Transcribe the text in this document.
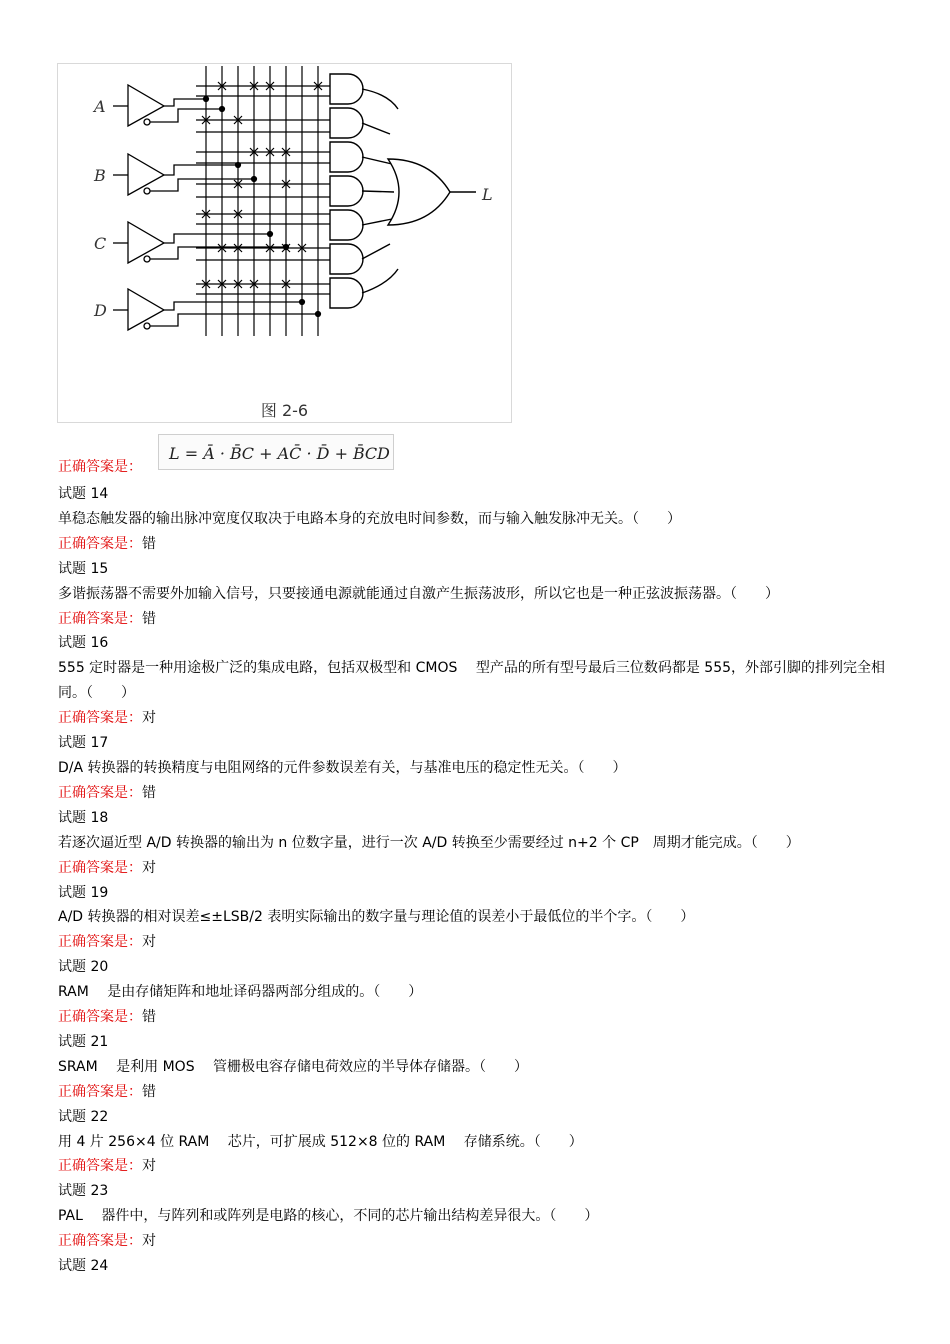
A
B
C
D
L
图 2-6
正确答案是：
L = Ā · B̄C + AC̄ · D̄ + B̄CD
试题 14
单稳态触发器的输出脉冲宽度仅取决于电路本身的充放电时间参数，而与输入触发脉冲无关。（　　）
正确答案是：错
试题 15
多谐振荡器不需要外加输入信号，只要接通电源就能通过自激产生振荡波形，所以它也是一种正弦波振荡器。（　　）
正确答案是：错
试题 16
555 定时器是一种用途极广泛的集成电路，包括双极型和 CMOS　 型产品的所有型号最后三位数码都是 555，外部引脚的排列完全相同。（　　）
正确答案是：对
试题 17
D/A 转换器的转换精度与电阻网络的元件参数误差有关，与基准电压的稳定性无关。（　　）
正确答案是：错
试题 18
若逐次逼近型 A/D 转换器的输出为 n 位数字量，进行一次 A/D 转换至少需要经过 n+2 个 CP　周期才能完成。（　　）
正确答案是：对
试题 19
A/D 转换器的相对误差≤±LSB/2 表明实际输出的数字量与理论值的误差小于最低位的半个字。（　　）
正确答案是：对
试题 20
RAM　 是由存储矩阵和地址译码器两部分组成的。（　　）
正确答案是：错
试题 21
SRAM　 是利用 MOS　 管栅极电容存储电荷效应的半导体存储器。（　　）
正确答案是：错
试题 22
用 4 片 256×4 位 RAM　 芯片，可扩展成 512×8 位的 RAM　 存储系统。（　　）
正确答案是：对
试题 23
PAL　 器件中，与阵列和或阵列是电路的核心，不同的芯片输出结构差异很大。（　　）
正确答案是：对
试题 24
